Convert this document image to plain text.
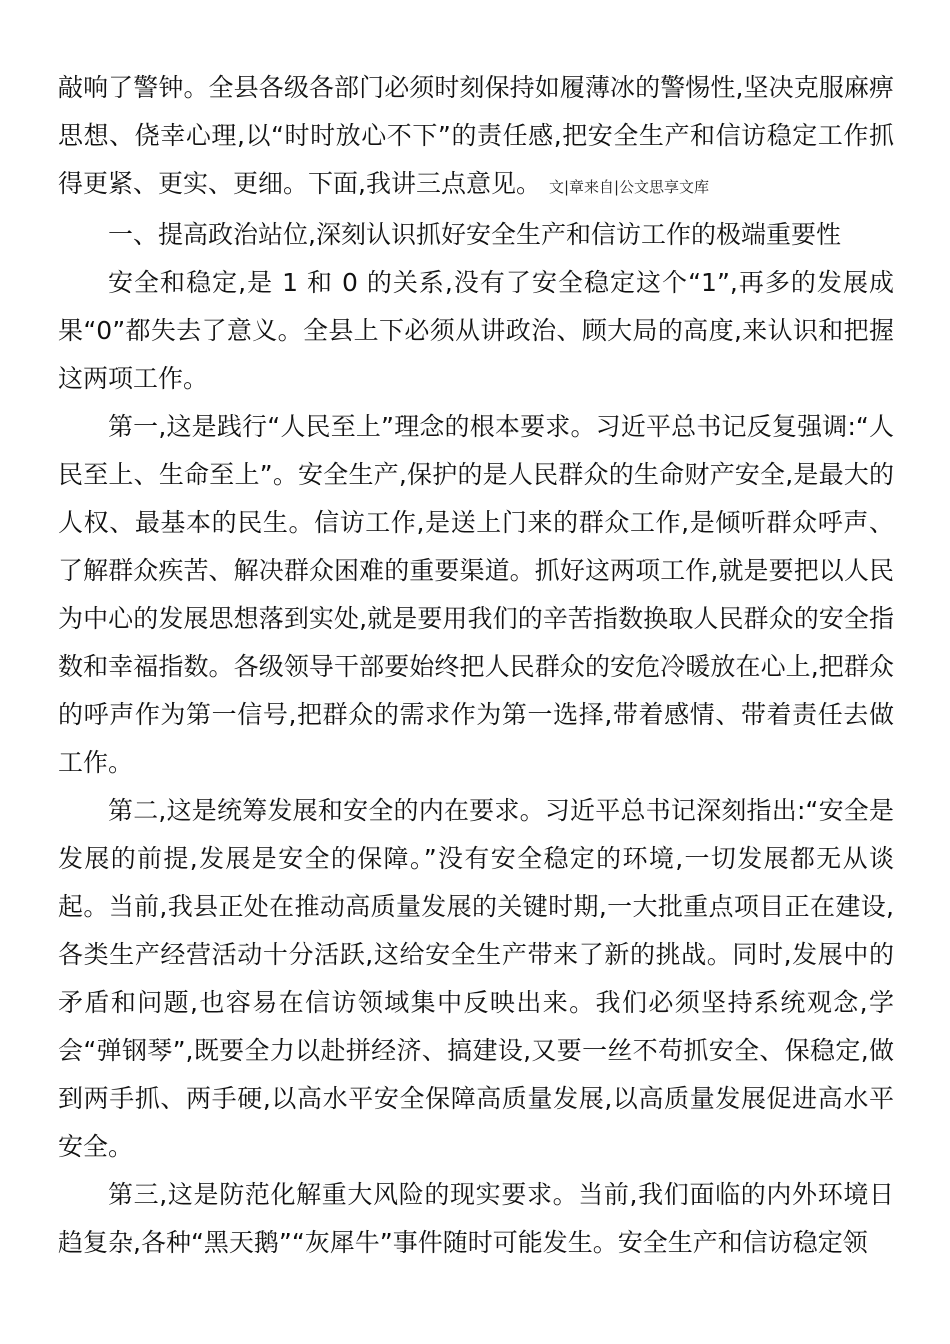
敲响了警钟。全县各级各部门必须时刻保持如履薄冰的警惕性,坚决克服麻痹思想、侥幸心理,以“时时放心不下”的责任感,把安全生产和信访稳定工作抓得更紧、更实、更细。下面,我讲三点意见。 文|章来自|公文思享文库

一、提高政治站位,深刻认识抓好安全生产和信访工作的极端重要性

安全和稳定,是 1 和 0 的关系,没有了安全稳定这个“1”,再多的发展成果“0”都失去了意义。全县上下必须从讲政治、顾大局的高度,来认识和把握这两项工作。

第一,这是践行“人民至上”理念的根本要求。习近平总书记反复强调:“人民至上、生命至上”。安全生产,保护的是人民群众的生命财产安全,是最大的人权、最基本的民生。信访工作,是送上门来的群众工作,是倾听群众呼声、了解群众疾苦、解决群众困难的重要渠道。抓好这两项工作,就是要把以人民为中心的发展思想落到实处,就是要用我们的辛苦指数换取人民群众的安全指数和幸福指数。各级领导干部要始终把人民群众的安危冷暖放在心上,把群众的呼声作为第一信号,把群众的需求作为第一选择,带着感情、带着责任去做工作。

第二,这是统筹发展和安全的内在要求。习近平总书记深刻指出:“安全是发展的前提,发展是安全的保障。”没有安全稳定的环境,一切发展都无从谈起。当前,我县正处在推动高质量发展的关键时期,一大批重点项目正在建设,各类生产经营活动十分活跃,这给安全生产带来了新的挑战。同时,发展中的矛盾和问题,也容易在信访领域集中反映出来。我们必须坚持系统观念,学会“弹钢琴”,既要全力以赴拼经济、搞建设,又要一丝不苟抓安全、保稳定,做到两手抓、两手硬,以高水平安全保障高质量发展,以高质量发展促进高水平安全。

第三,这是防范化解重大风险的现实要求。当前,我们面临的内外环境日趋复杂,各种“黑天鹅”“灰犀牛”事件随时可能发生。安全生产和信访稳定领
